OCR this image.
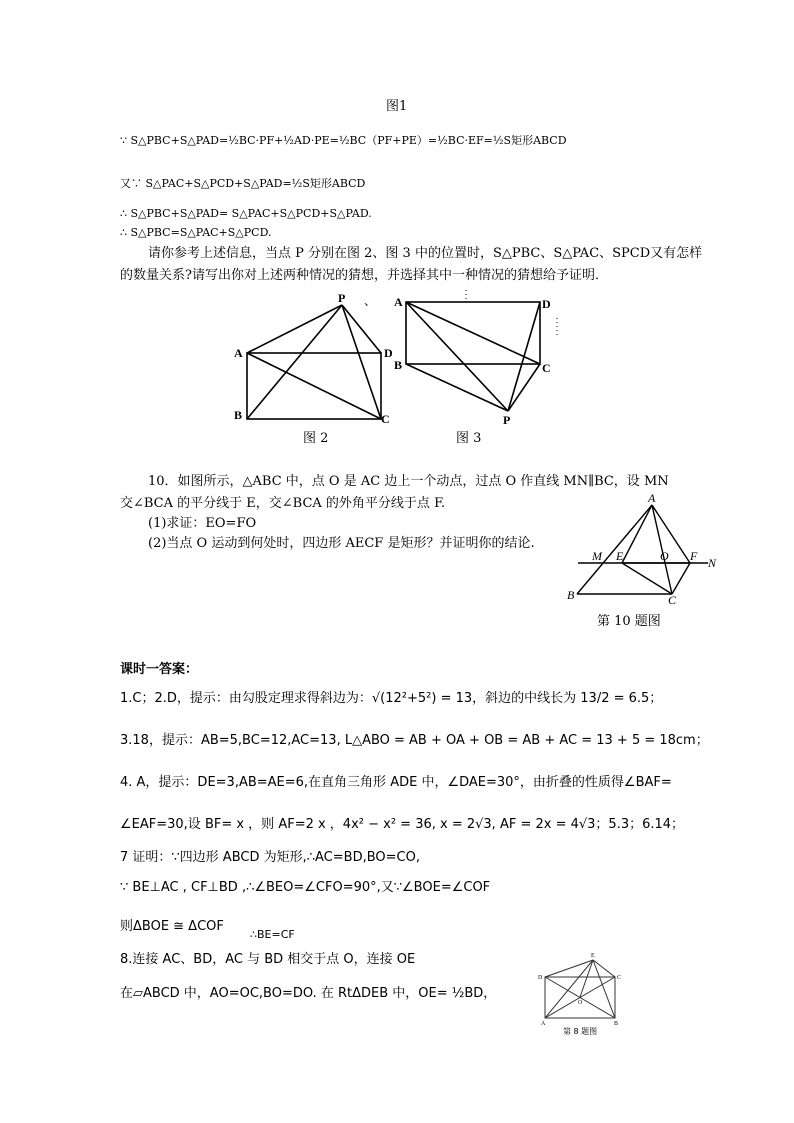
图1
∵ S△PBC+S△PAD=½BC·PF+½AD·PE=½BC（PF+PE）=½BC·EF=½S矩形ABCD
又∵ S△PAC+S△PCD+S△PAD=½S矩形ABCD
∴ S△PBC+S△PAD= S△PAC+S△PCD+S△PAD.
∴ S△PBC=S△PAC+S△PCD.
请你参考上述信息，当点 P 分别在图 2、图 3 中的位置时，S△PBC、S△PAC、SPCD又有怎样
的数量关系?请写出你对上述两种情况的猜想，并选择其中一种情况的猜想给予证明．
P
A	D
B	C
、 A	D
B	C
P
A
M E	O F N
B	C
E
D	C
O
A	B
图 2	图 3
10．如图所示，△ABC 中，点 O 是 AC 边上一个动点，过点 O 作直线 MN∥BC，设 MN
交∠BCA 的平分线于 E，交∠BCA 的外角平分线于点 F.
(1)求证：EO=FO
(2)当点 O 运动到何处时，四边形 AECF 是矩形？并证明你的结论.
第 10 题图
课时一答案：
1.C；2.D，提示：由勾股定理求得斜边为：√(12²+5²) = 13，斜边的中线长为 13/2 = 6.5；
3.18，提示：AB=5,BC=12,AC=13, L△ABO = AB + OA + OB = AB + AC = 13 + 5 = 18cm；
4. A，提示：DE=3,AB=AE=6,在直角三角形 ADE 中，∠DAE=30°，由折叠的性质得∠BAF=
∠EAF=30,设 BF= x ，则 AF=2 x ，4x² − x² = 36, x = 2√3, AF = 2x = 4√3；5.3；6.14；
7 证明：∵四边形 ABCD 为矩形,∴AC=BD,BO=CO,
∵ BE⊥AC , CF⊥BD ,∴∠BEO=∠CFO=90°,又∵∠BOE=∠COF
则ΔBOE ≅ ΔCOF
∴BE=CF
8.连接 AC、BD，AC 与 BD 相交于点 O，连接 OE
在▱ABCD 中，AO=OC,BO=DO. 在 RtΔDEB 中，OE= ½BD，
第 8 题图
